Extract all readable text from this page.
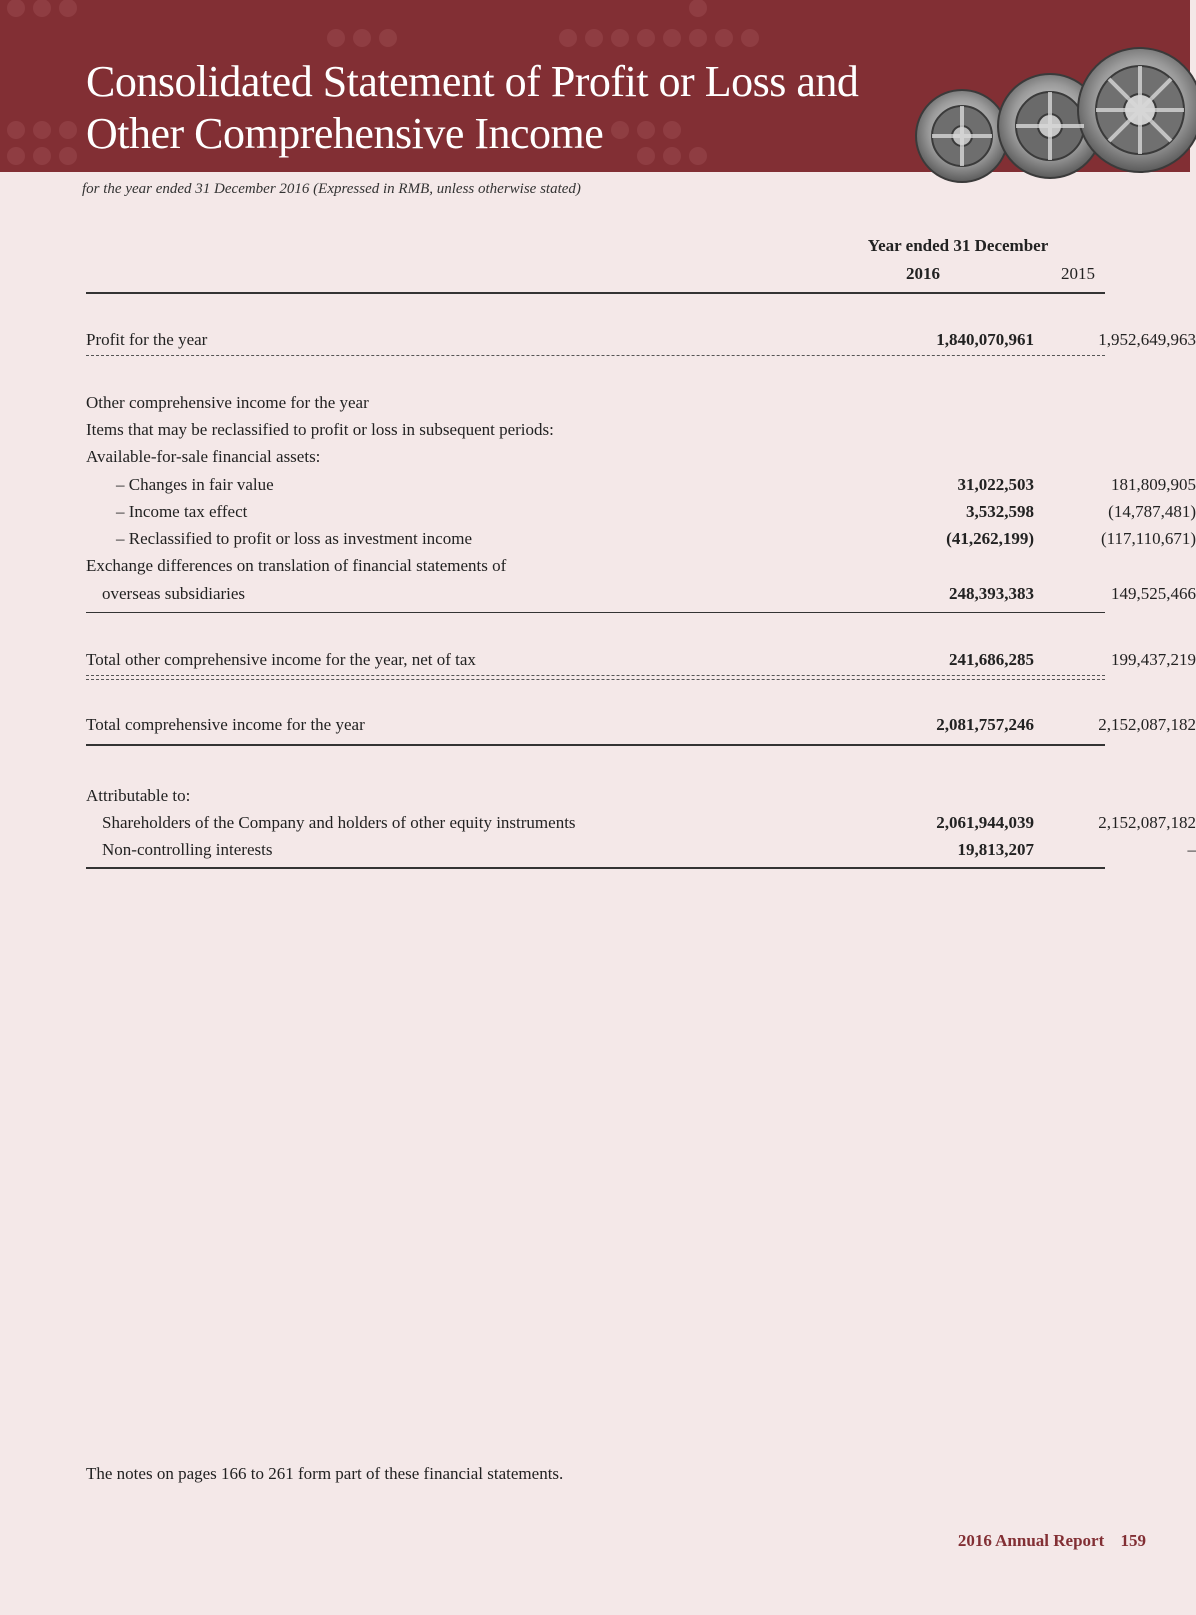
Consolidated Statement of Profit or Loss and
Other Comprehensive Income
for the year ended 31 December 2016 (Expressed in RMB, unless otherwise stated)
Year ended 31 December
2016	2015
Profit for the year	1,840,070,961	1,952,649,963
Other comprehensive income for the year
Items that may be reclassified to profit or loss in subsequent periods:
Available-for-sale financial assets:
– Changes in fair value	31,022,503	181,809,905
– Income tax effect	3,532,598	(14,787,481)
– Reclassified to profit or loss as investment income	(41,262,199)	(117,110,671)
Exchange differences on translation of financial statements of
overseas subsidiaries	248,393,383	149,525,466
Total other comprehensive income for the year, net of tax	241,686,285	199,437,219
Total comprehensive income for the year	2,081,757,246	2,152,087,182
Attributable to:
Shareholders of the Company and holders of other equity instruments	2,061,944,039	2,152,087,182
Non-controlling interests	19,813,207	–
The notes on pages 166 to 261 form part of these financial statements.
2016 Annual Report 159
